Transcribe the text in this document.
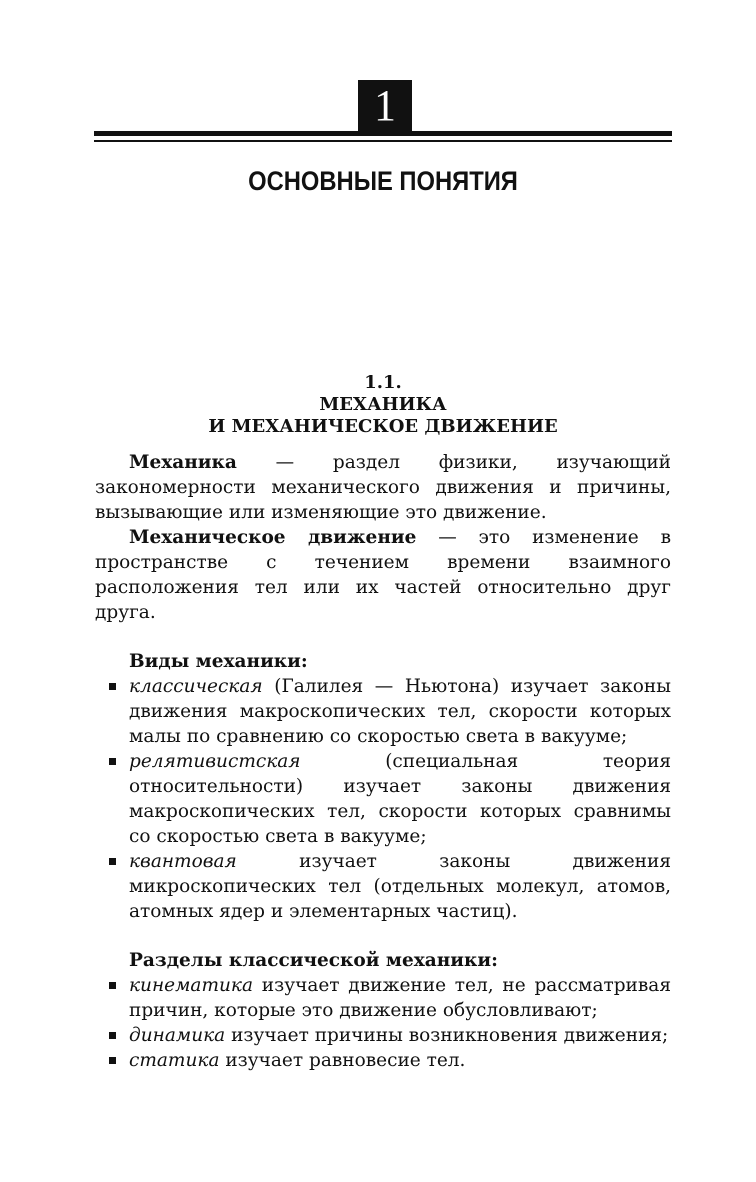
1
ОСНОВНЫЕ ПОНЯТИЯ
1.1.
МЕХАНИКА
И МЕХАНИЧЕСКОЕ ДВИЖЕНИЕ

Механика — раздел физики, изучающий закономерности механического движения и причины, вызывающие или изменяющие это движение.

Механическое движение — это изменение в пространстве с течением времени взаимного расположения тел или их частей относительно друг друга.

Виды механики:
классическая (Галилея — Ньютона) изучает законы движения макроскопических тел, скорости которых малы по сравнению со скоростью света в вакууме;
релятивистская (специальная теория относительности) изучает законы движения макроскопических тел, скорости которых сравнимы со скоростью света в вакууме;
квантовая изучает законы движения микроскопических тел (отдельных молекул, атомов, атомных ядер и элементарных частиц).
Разделы классической механики:
кинематика изучает движение тел, не рассматривая причин, которые это движение обусловливают;
динамика изучает причины возникновения движения;
статика изучает равновесие тел.
